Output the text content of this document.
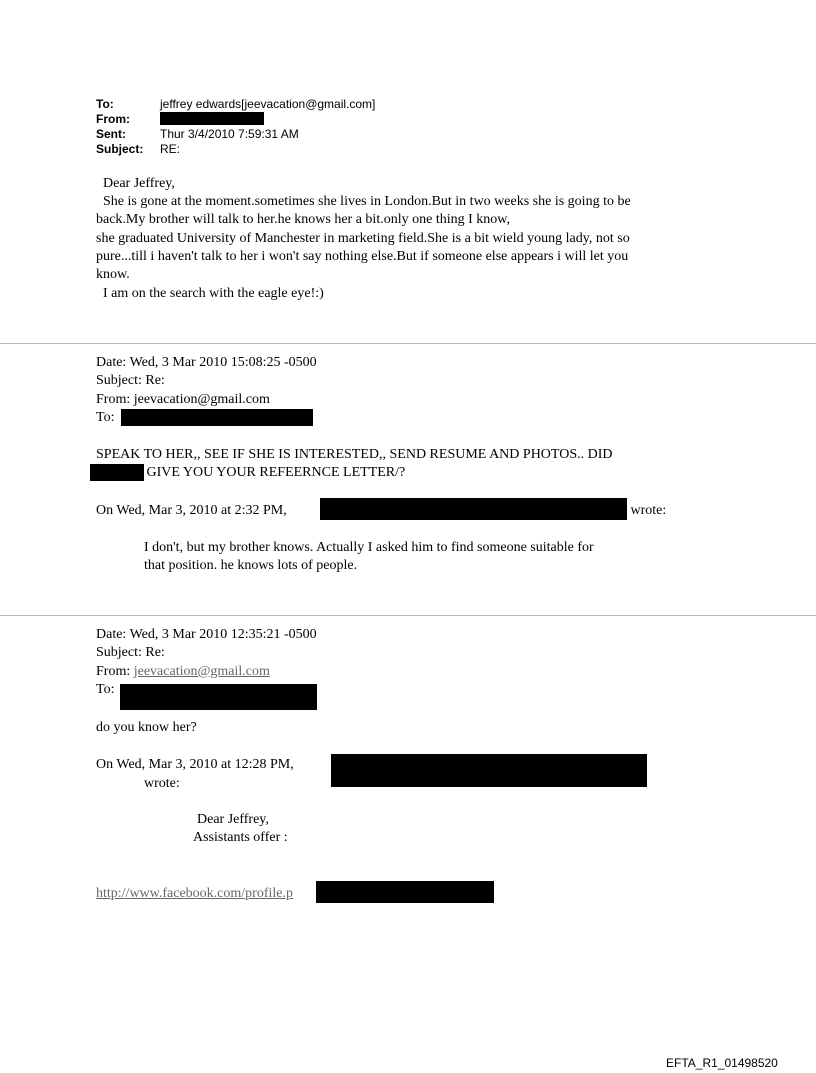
To:	jeffrey edwards[jeevacation@gmail.com]
From:
Sent:	Thur 3/4/2010 7:59:31 AM
Subject: RE:
Dear Jeffrey,
She is gone at the moment.sometimes she lives in London.But in two weeks she is going to be
back.My brother will talk to her.he knows her a bit.only one thing I know,
she graduated University of Manchester in marketing field.She is a bit wield young lady, not so
pure...till i haven't talk to her i won't say nothing else.But if someone else appears i will let you
know.
I am on the search with the eagle eye!:)
Date: Wed, 3 Mar 2010 15:08:25 -0500
Subject: Re:
From: jeevacation@gmail.com
To:
SPEAK TO HER,, SEE IF SHE IS INTERESTED,, SEND RESUME AND PHOTOS.. DID
GIVE YOU YOUR REFEERNCE LETTER/?
On Wed, Mar 3, 2010 at 2:32 PM,	wrote:
I don't, but my brother knows. Actually I asked him to find someone suitable for
that position. he knows lots of people.
Date: Wed, 3 Mar 2010 12:35:21 -0500
Subject: Re:
From: jeevacation@gmail.com
To:
do you know her?
On Wed, Mar 3, 2010 at 12:28 PM,
wrote:
Dear Jeffrey,
Assistants offer :
http://www.facebook.com/profile.p
EFTA_R1_01498520
